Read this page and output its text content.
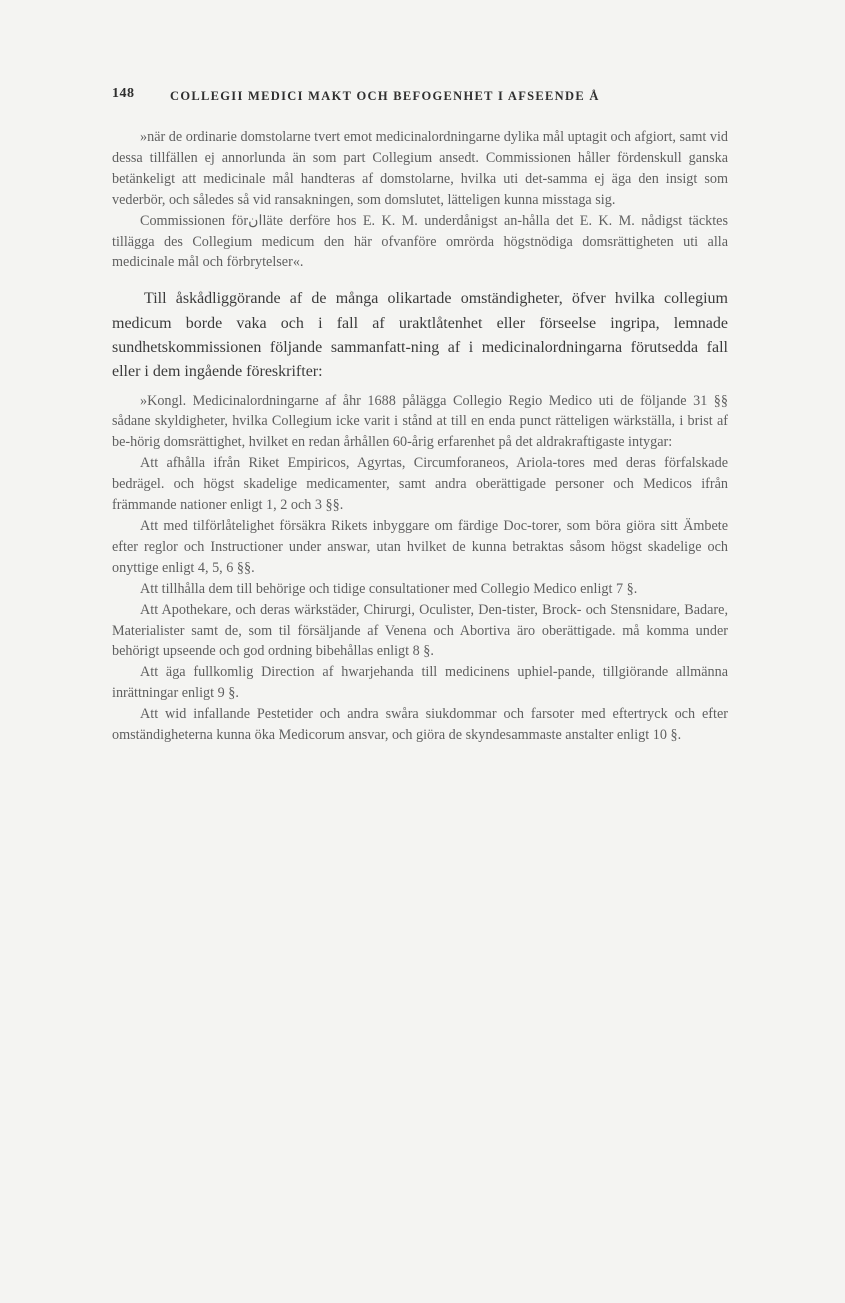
148	COLLEGII MEDICI MAKT OCH BEFOGENHET I AFSEENDE Å

»när de ordinarie domstolarne tvert emot medicinalordningarne dylika mål uptagit och afgiort, samt vid dessa tillfällen ej annorlunda än som part Collegium ansedt. Commissionen håller fördenskull ganska betänkeligt att medicinale mål handteras af domstolarne, hvilka uti det-samma ej äga den insigt som vederbör, och således så vid ransakningen, som domslutet, lätteligen kunna misstaga sig.

Commissionen förانläte derföre hos E. K. M. underdånigst an-hålla det E. K. M. nådigst täcktes tillägga des Collegium medicum den här ofvanföre omrörda högstnödiga domsrättigheten uti alla medicinale mål och förbrytelser«.

Till åskådliggörande af de många olikartade omständigheter, öfver hvilka collegium medicum borde vaka och i fall af uraktlåtenhet eller förseelse ingripa, lemnade sundhetskommissionen följande sammanfatt-ning af i medicinalordningarna förutsedda fall eller i dem ingående föreskrifter:

»Kongl. Medicinalordningarne af åhr 1688 pålägga Collegio Regio Medico uti de följande 31 §§ sådane skyldigheter, hvilka Collegium icke varit i stånd at till en enda punct rätteligen wärkställa, i brist af be-hörig domsrättighet, hvilket en redan århållen 60-årig erfarenhet på det aldrakraftigaste intygar:

Att afhålla ifrån Riket Empiricos, Agyrtas, Circumforaneos, Ariola-tores med deras förfalskade bedrägel. och högst skadelige medicamenter, samt andra oberättigade personer och Medicos ifrån främmande nationer enligt 1, 2 och 3 §§.

Att med tilförlåtelighet försäkra Rikets inbyggare om färdige Doc-torer, som böra giöra sitt Ämbete efter reglor och Instructioner under answar, utan hvilket de kunna betraktas såsom högst skadelige och onyttige enligt 4, 5, 6 §§.

Att tillhålla dem till behörige och tidige consultationer med Collegio Medico enligt 7 §.

Att Apothekare, och deras wärkstäder, Chirurgi, Oculister, Den-tister, Brock- och Stensnidare, Badare, Materialister samt de, som til försäljande af Venena och Abortiva äro oberättigade. må komma under behörigt upseende och god ordning bibehållas enligt 8 §.

Att äga fullkomlig Direction af hwarjehanda till medicinens uphiel-pande, tillgiörande allmänna inrättningar enligt 9 §.

Att wid infallande Pestetider och andra swåra siukdommar och farsoter med eftertryck och efter omständigheterna kunna öka Medicorum ansvar, och giöra de skyndesammaste anstalter enligt 10 §.
